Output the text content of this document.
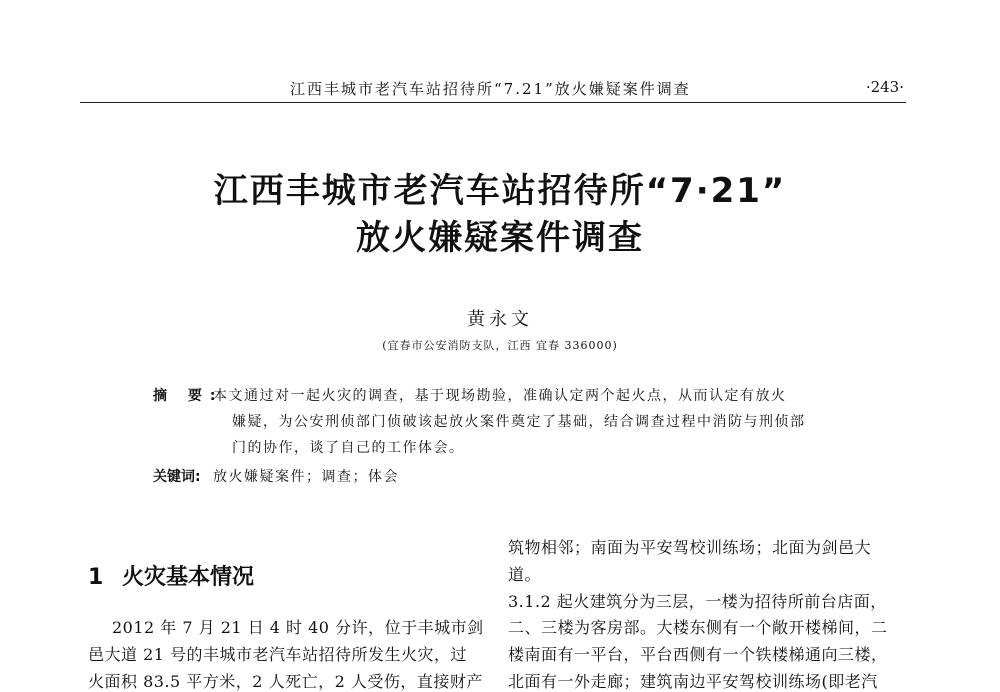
江西丰城市老汽车站招待所“7.21”放火嫌疑案件调查	·243·
江西丰城市老汽车站招待所“7·21”
放火嫌疑案件调查
黄永文
(宜春市公安消防支队，江西 宜春 336000)
摘 要:
本文通过对一起火灾的调查，基于现场勘验，准确认定两个起火点，从而认定有放火
嫌疑，为公安刑侦部门侦破该起放火案件奠定了基础，结合调查过程中消防与刑侦部
门的协作，谈了自己的工作体会。
关键词: 放火嫌疑案件；调查；体会
1 火灾基本情况
2012 年 7 月 21 日 4 时 40 分许，位于丰城市剑
邑大道 21 号的丰城市老汽车站招待所发生火灾，过
火面积 83.5 平方米，2 人死亡，2 人受伤，直接财产
筑物相邻；南面为平安驾校训练场；北面为剑邑大
道。
3.1.2 起火建筑分为三层，一楼为招待所前台店面，
二、三楼为客房部。大楼东侧有一个敞开楼梯间，二
楼南面有一平台，平台西侧有一个铁楼梯通向三楼，
北面有一外走廊；建筑南边平安驾校训练场(即老汽
